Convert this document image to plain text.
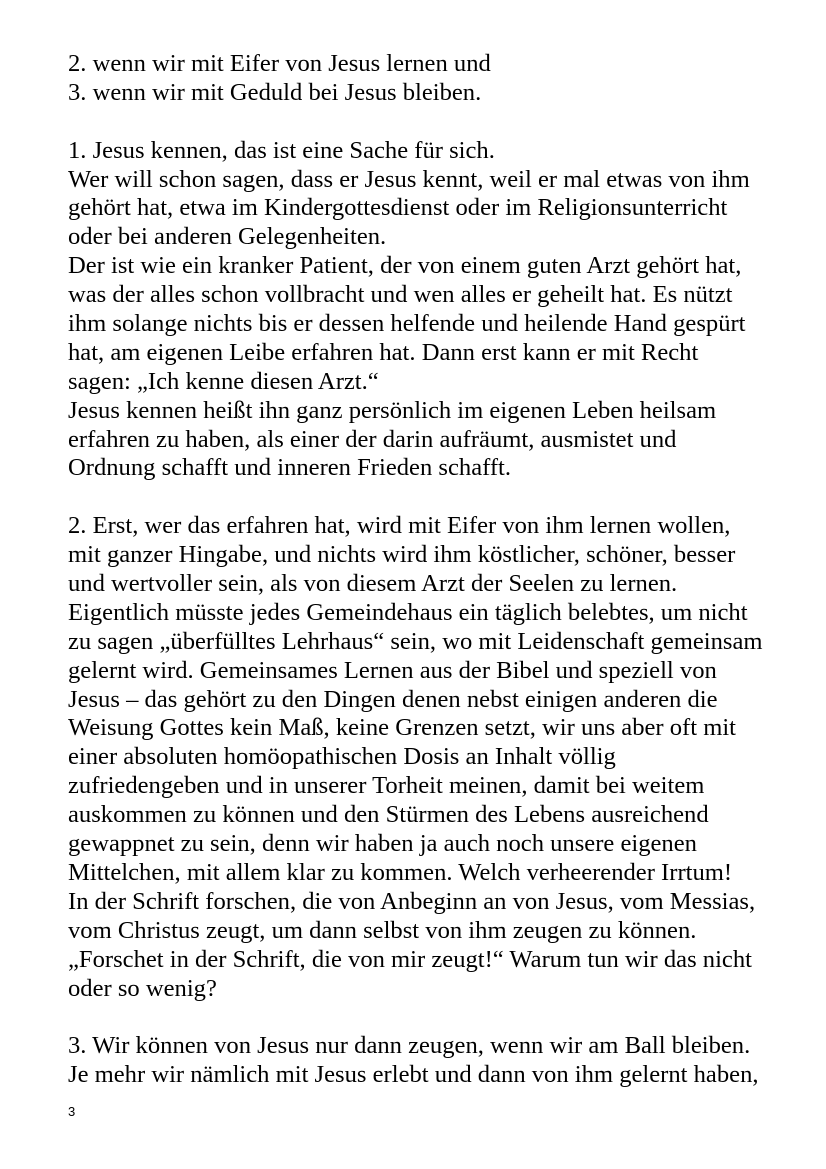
2. wenn wir mit Eifer von Jesus lernen und
3. wenn wir mit Geduld bei Jesus bleiben.
1. Jesus kennen, das ist eine Sache für sich.
Wer will schon sagen, dass er Jesus kennt, weil er mal etwas von ihm
gehört hat, etwa im Kindergottesdienst oder im Religionsunterricht
oder bei anderen Gelegenheiten.
Der ist wie ein kranker Patient, der von einem guten Arzt gehört hat,
was der alles schon vollbracht und wen alles er geheilt hat. Es nützt
ihm solange nichts bis er dessen helfende und heilende Hand gespürt
hat, am eigenen Leibe erfahren hat. Dann erst kann er mit Recht
sagen: „Ich kenne diesen Arzt.“
Jesus kennen heißt ihn ganz persönlich im eigenen Leben heilsam
erfahren zu haben, als einer der darin aufräumt, ausmistet und
Ordnung schafft und inneren Frieden schafft.
2. Erst, wer das erfahren hat, wird mit Eifer von ihm lernen wollen,
mit ganzer Hingabe, und nichts wird ihm köstlicher, schöner, besser
und wertvoller sein, als von diesem Arzt der Seelen zu lernen.
Eigentlich müsste jedes Gemeindehaus ein täglich belebtes, um nicht
zu sagen „überfülltes Lehrhaus“ sein, wo mit Leidenschaft gemeinsam
gelernt wird. Gemeinsames Lernen aus der Bibel und speziell von
Jesus – das gehört zu den Dingen denen nebst einigen anderen die
Weisung Gottes kein Maß, keine Grenzen setzt, wir uns aber oft mit
einer absoluten homöopathischen Dosis an Inhalt völlig
zufriedengeben und in unserer Torheit meinen, damit bei weitem
auskommen zu können und den Stürmen des Lebens ausreichend
gewappnet zu sein, denn wir haben ja auch noch unsere eigenen
Mittelchen, mit allem klar zu kommen. Welch verheerender Irrtum!
In der Schrift forschen, die von Anbeginn an von Jesus, vom Messias,
vom Christus zeugt, um dann selbst von ihm zeugen zu können.
„Forschet in der Schrift, die von mir zeugt!“ Warum tun wir das nicht
oder so wenig?
3. Wir können von Jesus nur dann zeugen, wenn wir am Ball bleiben.
Je mehr wir nämlich mit Jesus erlebt und dann von ihm gelernt haben,
3
